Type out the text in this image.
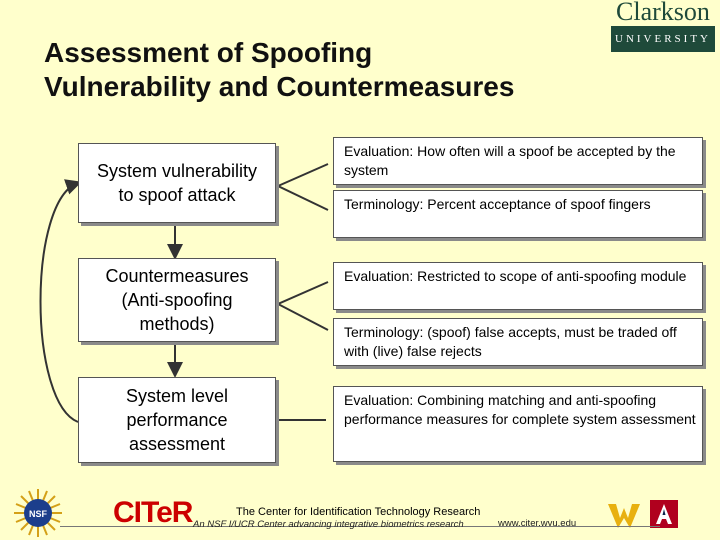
Assessment of Spoofing
Vulnerability and Countermeasures
Clarkson
UNIVERSITY
NSF
System vulnerability to spoof attack
Countermeasures (Anti-spoofing methods)
System level performance assessment
Evaluation: How often will a spoof be accepted by the system
Terminology: Percent acceptance of spoof fingers
Evaluation: Restricted to scope of anti-spoofing module
Terminology: (spoof) false accepts, must be traded off with (live) false rejects
Evaluation: Combining matching and anti-spoofing performance measures for complete system assessment
CITeR	The Center for Identification Technology Research
An NSF I/UCR Center advancing integrative biometrics research	www.citer.wvu.edu
